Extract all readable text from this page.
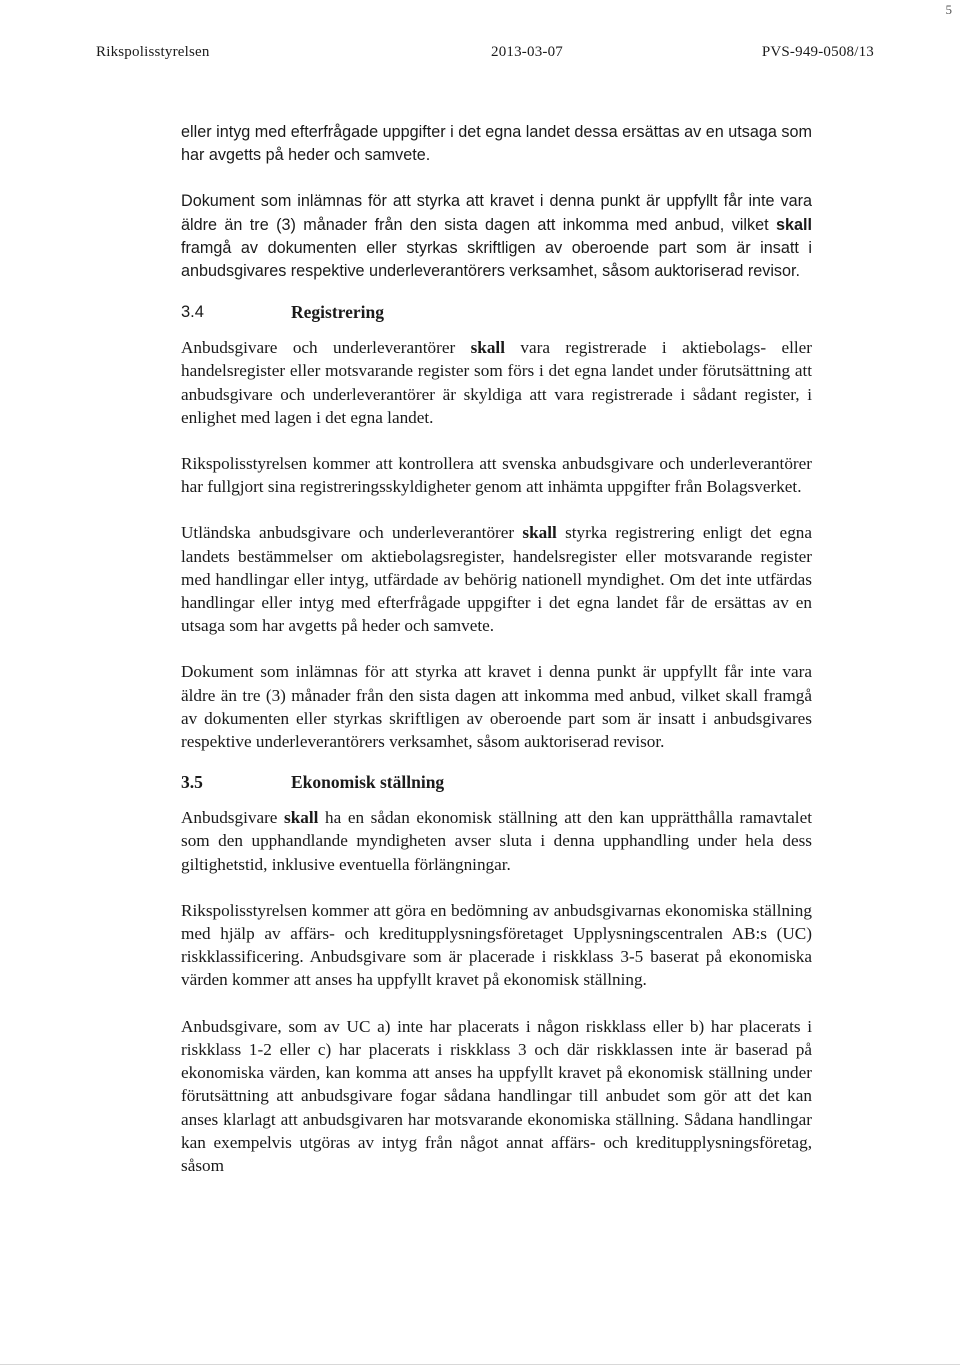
5
Rikspolisstyrelsen	2013-03-07	PVS-949-0508/13

eller intyg med efterfrågade uppgifter i det egna landet dessa ersättas av en utsaga som har avgetts på heder och samvete.

Dokument som inlämnas för att styrka att kravet i denna punkt är uppfyllt får inte vara äldre än tre (3) månader från den sista dagen att inkomma med anbud, vilket skall framgå av dokumenten eller styrkas skriftligen av oberoende part som är insatt i anbudsgivares respektive underleverantörers verksamhet, såsom auktoriserad revisor.

3.4	Registrering

Anbudsgivare och underleverantörer skall vara registrerade i aktiebolags- eller handelsregister eller motsvarande register som förs i det egna landet under förutsättning att anbudsgivare och underleverantörer är skyldiga att vara registrerade i sådant register, i enlighet med lagen i det egna landet.

Rikspolisstyrelsen kommer att kontrollera att svenska anbudsgivare och underleverantörer har fullgjort sina registreringsskyldigheter genom att inhämta uppgifter från Bolagsverket.

Utländska anbudsgivare och underleverantörer skall styrka registrering enligt det egna landets bestämmelser om aktiebolagsregister, handelsregister eller motsvarande register med handlingar eller intyg, utfärdade av behörig nationell myndighet. Om det inte utfärdas handlingar eller intyg med efterfrågade uppgifter i det egna landet får de ersättas av en utsaga som har avgetts på heder och samvete.

Dokument som inlämnas för att styrka att kravet i denna punkt är uppfyllt får inte vara äldre än tre (3) månader från den sista dagen att inkomma med anbud, vilket skall framgå av dokumenten eller styrkas skriftligen av oberoende part som är insatt i anbudsgivares respektive underleverantörers verksamhet, såsom auktoriserad revisor.

3.5	Ekonomisk ställning

Anbudsgivare skall ha en sådan ekonomisk ställning att den kan upprätthålla ramavtalet som den upphandlande myndigheten avser sluta i denna upphandling under hela dess giltighetstid, inklusive eventuella förlängningar.

Rikspolisstyrelsen kommer att göra en bedömning av anbudsgivarnas ekonomiska ställning med hjälp av affärs- och kreditupplysningsföretaget Upplysningscentralen AB:s (UC) riskklassificering. Anbudsgivare som är placerade i riskklass 3-5 baserat på ekonomiska värden kommer att anses ha uppfyllt kravet på ekonomisk ställning.

Anbudsgivare, som av UC a) inte har placerats i någon riskklass eller b) har placerats i riskklass 1-2 eller c) har placerats i riskklass 3 och där riskklassen inte är baserad på ekonomiska värden, kan komma att anses ha uppfyllt kravet på ekonomisk ställning under förutsättning att anbudsgivare fogar sådana handlingar till anbudet som gör att det kan anses klarlagt att anbudsgivaren har motsvarande ekonomiska ställning. Sådana handlingar kan exempelvis utgöras av intyg från något annat affärs- och kreditupplysningsföretag, såsom
